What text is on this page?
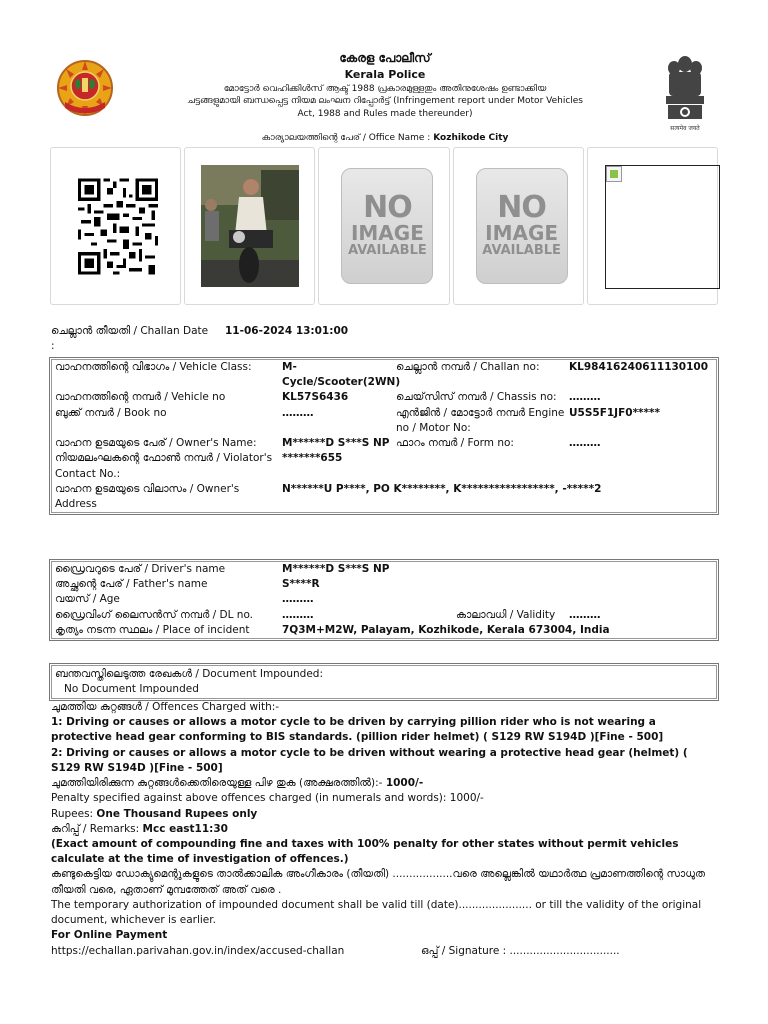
കേരള പോലീസ്
Kerala Police
മോട്ടോർ വെഹിക്കിൾസ് ആക്ട് 1988 പ്രകാരമുള്ളതും അതിനുശേഷം ഉണ്ടാക്കിയ
ചട്ടങ്ങളുമായി ബന്ധപ്പെട്ട നിയമ ലംഘന റിപ്പോർട്ട് (Infringement report under Motor Vehicles
Act, 1988 and Rules made thereunder)
കാര്യാലയത്തിന്റെ പേര് / Office Name : Kozhikode City
सत्यमेव जयते
NO
IMAGE
AVAILABLE
NO
IMAGE
AVAILABLE
ചെല്ലാൻ തീയതി / Challan Date :
11-06-2024 13:01:00
വാഹനത്തിന്റെ വിഭാഗം / Vehicle Class:	M-Cycle/Scooter(2WN)
ചെല്ലാൻ നമ്പർ / Challan no:	KL98416240611130100
വാഹനത്തിന്റെ നമ്പർ / Vehicle no	KL57S6436	ചെയ്‌സിസ് നമ്പർ / Chassis no:	………
ബുക്ക് നമ്പർ / Book no	………	എൻജിൻ / മോട്ടോർ നമ്പർ Engine no / Motor No:
U5S5F1JF0*****
വാഹന ഉടമയുടെ പേര് / Owner's Name:	M******D S***S NP ഫാറം നമ്പർ / Form no:	………
നിയമലംഘകന്റെ ഫോൺ നമ്പർ / Violator's Contact No.:
*******655
വാഹന ഉടമയുടെ വിലാസം / Owner's Address
N******U P****, PO K********, K*****************, -*****2
ഡ്രൈവറുടെ പേര് / Driver's name	M******D S***S NP
അച്ഛന്റെ പേര് / Father's name	S****R
വയസ് / Age	………
ഡ്രൈവിംഗ് ലൈസൻസ് നമ്പർ / DL no.	………	കാലാവധി / Validity	………
കൃത്യം നടന്ന സ്ഥലം / Place of incident	7Q3M+M2W, Palayam, Kozhikode, Kerala 673004, India
ബന്തവസ്തിലെടുത്ത രേഖകൾ / Document Impounded:
No Document Impounded

ചുമത്തിയ കുറ്റങ്ങൾ / Offences Charged with:-

1: Driving or causes or allows a motor cycle to be driven by carrying pillion rider who is not wearing a protective head gear conforming to BIS standards. (pillion rider helmet) ( S129 RW S194D )[Fine - 500]

2: Driving or causes or allows a motor cycle to be driven without wearing a protective head gear (helmet) ( S129 RW S194D )[Fine - 500]

ചുമത്തിയിരിക്കുന്ന കുറ്റങ്ങൾക്കെതിരെയുള്ള പിഴ തുക (അക്ഷരത്തിൽ):- 1000/-

Penalty specified against above offences charged (in numerals and words): 1000/-

Rupees: One Thousand Rupees only

കുറിപ്പ് / Remarks: Mcc east11:30

(Exact amount of compounding fine and taxes with 100% penalty for other states without permit vehicles calculate at the time of investigation of offences.)

കണ്ടുകെട്ടിയ ഡോക്യുമെന്റുകളുടെ താൽക്കാലിക അംഗീകാരം (തീയതി) ..................വരെ അല്ലെങ്കിൽ യഥാർത്ഥ പ്രമാണത്തിന്റെ സാധുത തീയതി വരെ, ഏതാണ് മുമ്പത്തേത് അത് വരെ .

The temporary authorization of impounded document shall be valid till (date)...................... or till the validity of the original document, whichever is earlier.

For Online Payment

https://echallan.parivahan.gov.in/index/accused-challan	ഒപ്പ് / Signature : .................................
